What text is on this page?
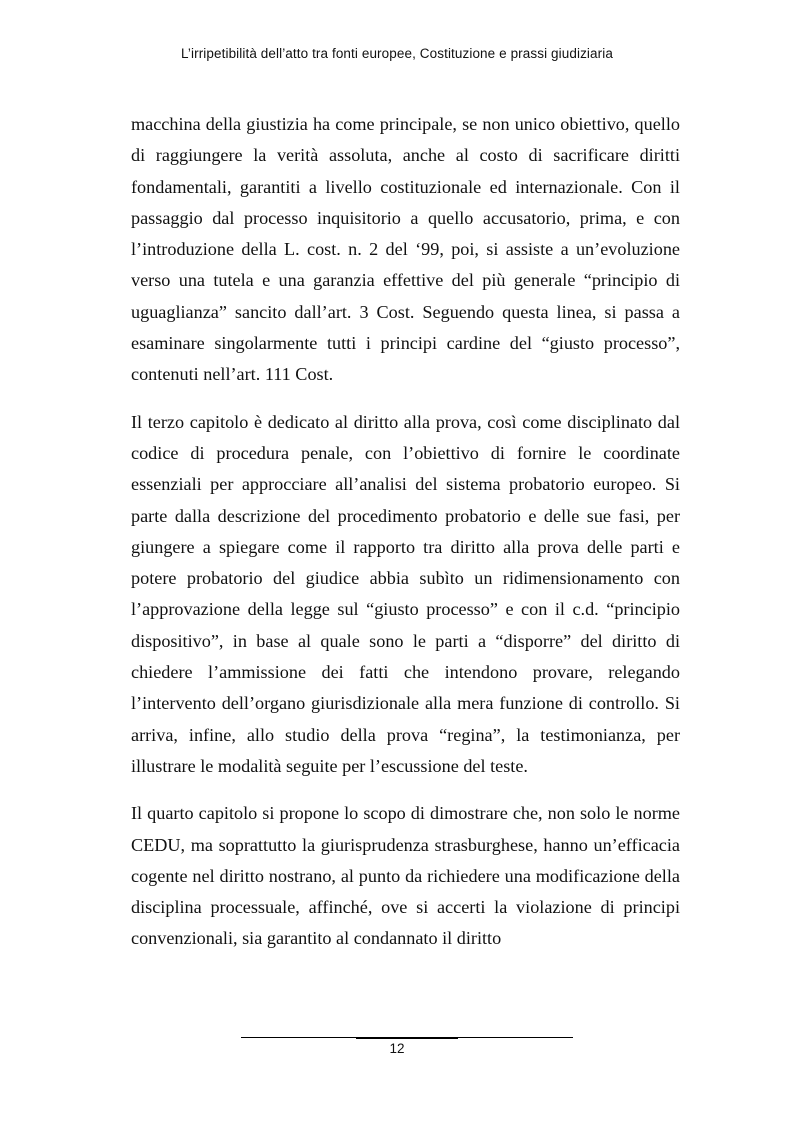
L’irripetibilità dell’atto tra fonti europee, Costituzione e prassi giudiziaria

macchina della giustizia ha come principale, se non unico obiettivo, quello di raggiungere la verità assoluta, anche al costo di sacrificare diritti fondamentali, garantiti a livello costituzionale ed internazionale. Con il passaggio dal processo inquisitorio a quello accusatorio, prima, e con l’introduzione della L. cost. n. 2 del ‘99, poi, si assiste a un’evoluzione verso una tutela e una garanzia effettive del più generale “principio di uguaglianza” sancito dall’art. 3 Cost. Seguendo questa linea, si passa a esaminare singolarmente tutti i principi cardine del “giusto processo”, contenuti nell’art. 111 Cost.

Il terzo capitolo è dedicato al diritto alla prova, così come disciplinato dal codice di procedura penale, con l’obiettivo di fornire le coordinate essenziali per approcciare all’analisi del sistema probatorio europeo. Si parte dalla descrizione del procedimento probatorio e delle sue fasi, per giungere a spiegare come il rapporto tra diritto alla prova delle parti e potere probatorio del giudice abbia subìto un ridimensionamento con l’approvazione della legge sul “giusto processo” e con il c.d. “principio dispositivo”, in base al quale sono le parti a “disporre” del diritto di chiedere l’ammissione dei fatti che intendono provare, relegando l’intervento dell’organo giurisdizionale alla mera funzione di controllo. Si arriva, infine, allo studio della prova “regina”, la testimonianza, per illustrare le modalità seguite per l’escussione del teste.

Il quarto capitolo si propone lo scopo di dimostrare che, non solo le norme CEDU, ma soprattutto la giurisprudenza strasburghese, hanno un’efficacia cogente nel diritto nostrano, al punto da richiedere una modificazione della disciplina processuale, affinché, ove si accerti la violazione di principi convenzionali, sia garantito al condannato il diritto

12
